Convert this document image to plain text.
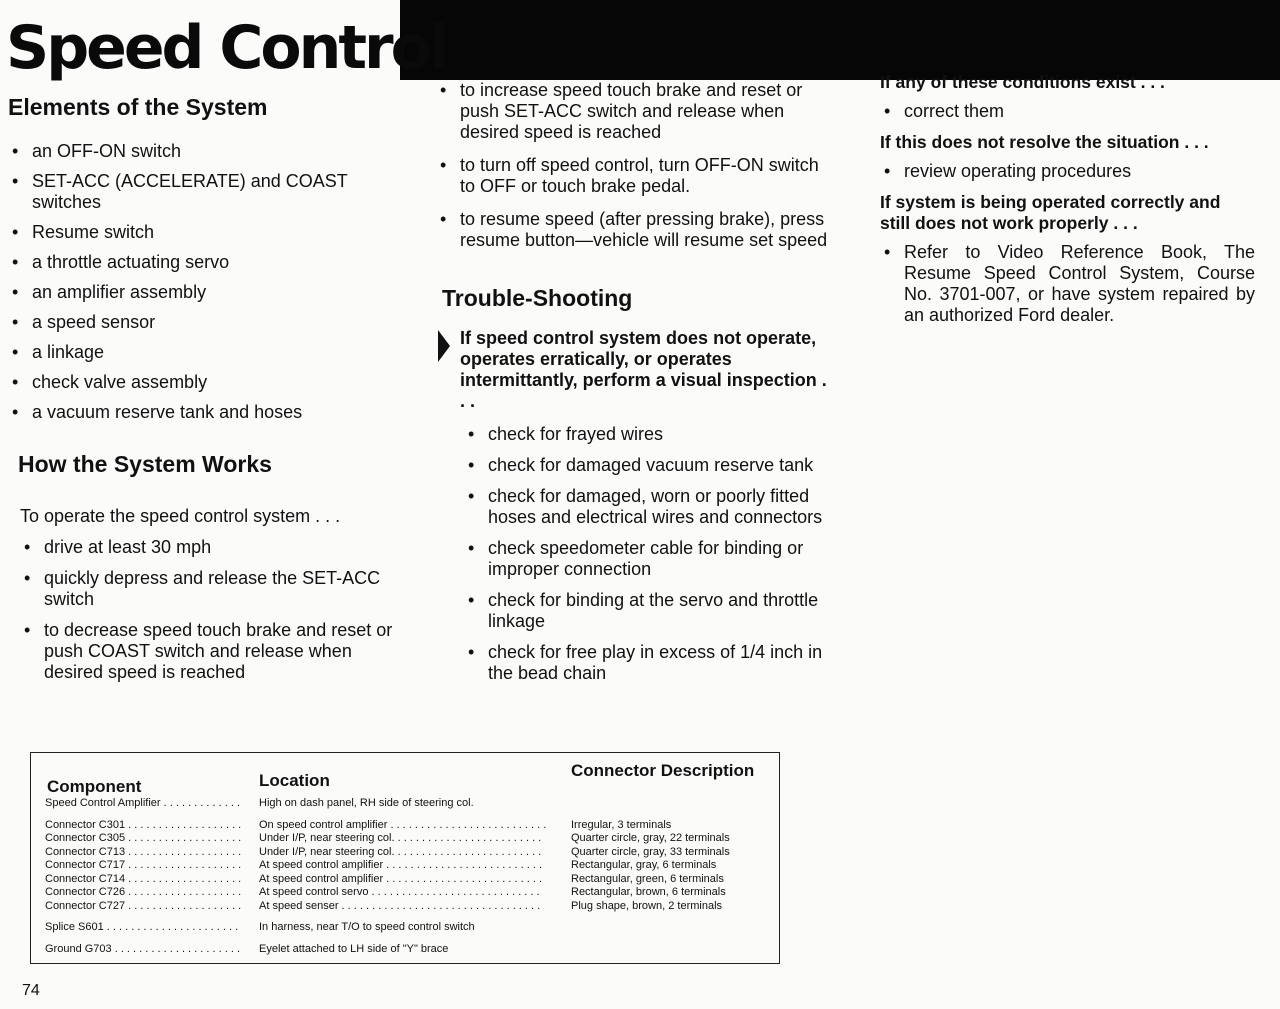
Speed Control
Elements of the System
• an OFF-ON switch
• SET-ACC (ACCELERATE) and COAST switches
• Resume switch
• a throttle actuating servo
• an amplifier assembly
• a speed sensor
• a linkage
• check valve assembly
• a vacuum reserve tank and hoses
How the System Works

To operate the speed control system . . .

• drive at least 30 mph
• quickly depress and release the SET-ACC switch
• to decrease speed touch brake and reset or push COAST switch and release when desired speed is reached
• to increase speed touch brake and reset or push SET-ACC switch and release when desired speed is reached
• to turn off speed control, turn OFF-ON switch to OFF or touch brake pedal.
• to resume speed (after pressing brake), press resume button—vehicle will resume set speed
Trouble-Shooting

If speed control system does not operate, operates erratically, or operates intermittantly, perform a visual inspection . . .

• check for frayed wires
• check for damaged vacuum reserve tank
• check for damaged, worn or poorly fitted hoses and electrical wires and connectors
• check speedometer cable for binding or improper connection
• check for binding at the servo and throttle linkage
• check for free play in excess of 1/4 inch in the bead chain

If any of these conditions exist . . .

• correct them

If this does not resolve the situation . . .

• review operating procedures

If system is being operated correctly and still does not work properly . . .

• Refer to Video Reference Book, The Resume Speed Control System, Course No. 3701-007, or have system repaired by an authorized Ford dealer.
Component	Location
Connector Description
Speed Control Amplifier . . . . . . . . . . . . .	High on dash panel, RH side of steering col.
Connector C301 . . . . . . . . . . . . . . . . . . .	On speed control amplifier . . . . . . . . . . . . . . . . . . . . . . . . . .	Irregular, 3 terminals
Connector C305 . . . . . . . . . . . . . . . . . . .	Under I/P, near steering col. . . . . . . . . . . . . . . . . . . . . . . . .	Quarter circle, gray, 22 terminals
Connector C713 . . . . . . . . . . . . . . . . . . .	Under I/P, near steering col. . . . . . . . . . . . . . . . . . . . . . . . .	Quarter circle, gray, 33 terminals
Connector C717 . . . . . . . . . . . . . . . . . . .	At speed control amplifier . . . . . . . . . . . . . . . . . . . . . . . . . .	Rectangular, gray, 6 terminals
Connector C714 . . . . . . . . . . . . . . . . . . .	At speed control amplifier . . . . . . . . . . . . . . . . . . . . . . . . . .	Rectangular, green, 6 terminals
Connector C726 . . . . . . . . . . . . . . . . . . .	At speed control servo . . . . . . . . . . . . . . . . . . . . . . . . . . . .	Rectangular, brown, 6 terminals
Connector C727 . . . . . . . . . . . . . . . . . . .	At speed senser . . . . . . . . . . . . . . . . . . . . . . . . . . . . . . . . .	Plug shape, brown, 2 terminals
Splice S601 . . . . . . . . . . . . . . . . . . . . . .	In harness, near T/O to speed control switch
Ground G703 . . . . . . . . . . . . . . . . . . . . .	Eyelet attached to LH side of "Y" brace
74
